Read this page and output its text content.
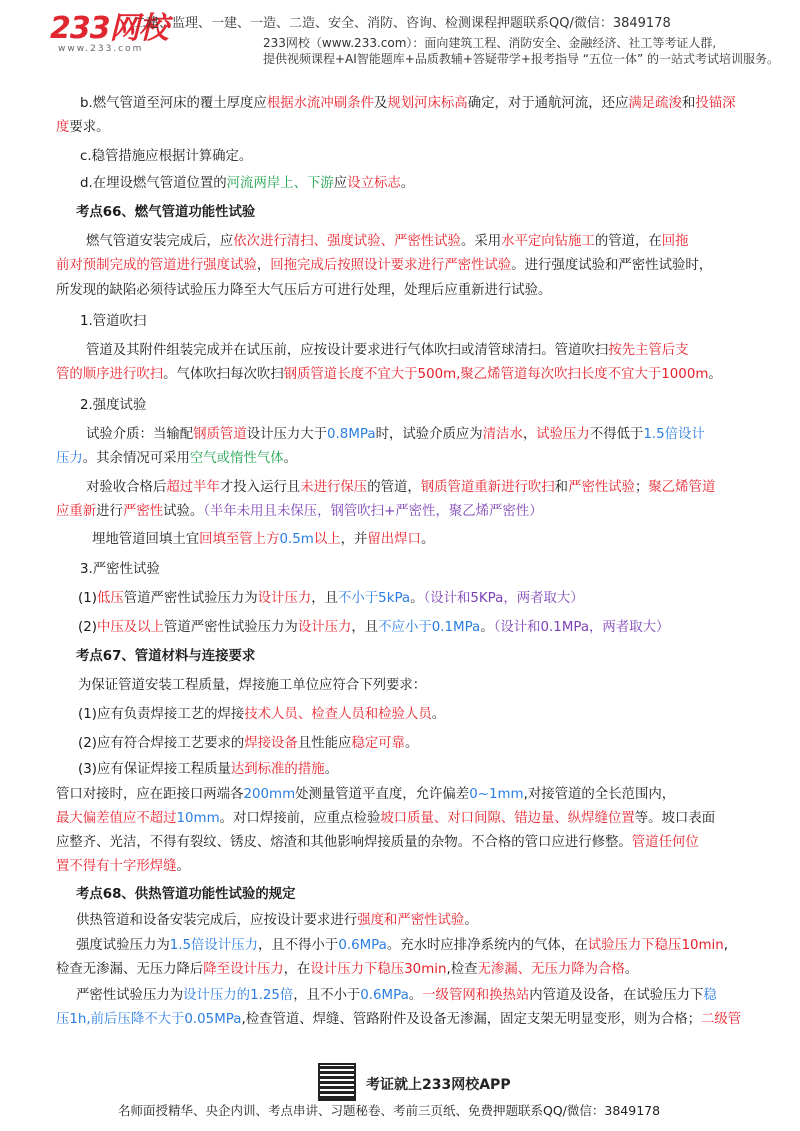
233网校
www.233.com
二建、监理、一建、一造、二造、安全、消防、咨询、检测课程押题联系QQ/微信：3849178
233网校（www.233.com）：面向建筑工程、消防安全、金融经济、社工等考证人群,
提供视频课程+AI智能题库+品质教辅+答疑带学+报考指导 “五位一体” 的一站式考试培训服务。
b.燃气管道至河床的覆土厚度应根据水流冲刷条件及规划河床标高确定，对于通航河流，还应满足疏浚和投锚深
度要求。
c.稳管措施应根据计算确定。
d.在埋设燃气管道位置的河流两岸上、下游应设立标志。
考点66、燃气管道功能性试验
燃气管道安装完成后，应依次进行清扫、强度试验、严密性试验。采用水平定向钻施工的管道，在回拖
前对预制完成的管道进行强度试验，回拖完成后按照设计要求进行严密性试验。进行强度试验和严密性试验时，
所发现的缺陷必须待试验压力降至大气压后方可进行处理，处理后应重新进行试验。
1.管道吹扫
管道及其附件组装完成并在试压前，应按设计要求进行气体吹扫或清管球清扫。管道吹扫按先主管后支
管的顺序进行吹扫。气体吹扫每次吹扫钢质管道长度不宜大于500m,聚乙烯管道每次吹扫长度不宜大于1000m。
2.强度试验
试验介质：当输配钢质管道设计压力大于0.8MPa时，试验介质应为清洁水，试验压力不得低于1.5倍设计
压力。其余情况可采用空气或惰性气体。
对验收合格后超过半年才投入运行且未进行保压的管道，钢质管道重新进行吹扫和严密性试验；聚乙烯管道
应重新进行严密性试验。（半年未用且未保压，钢管吹扫+严密性，聚乙烯严密性）
埋地管道回填土宜回填至管上方0.5m以上，并留出焊口。
3.严密性试验
(1)低压管道严密性试验压力为设计压力，且不小于5kPa。（设计和5KPa，两者取大）
(2)中压及以上管道严密性试验压力为设计压力，且不应小于0.1MPa。（设计和0.1MPa，两者取大）
考点67、管道材料与连接要求
为保证管道安装工程质量，焊接施工单位应符合下列要求：
(1)应有负责焊接工艺的焊接技术人员、检查人员和检验人员。
(2)应有符合焊接工艺要求的焊接设备且性能应稳定可靠。
(3)应有保证焊接工程质量达到标准的措施。
管口对接时，应在距接口两端各200mm处测量管道平直度，允许偏差0~1mm,对接管道的全长范围内，
最大偏差值应不超过10mm。对口焊接前，应重点检验坡口质量、对口间隙、错边量、纵焊缝位置等。坡口表面
应整齐、光洁，不得有裂纹、锈皮、熔渣和其他影响焊接质量的杂物。不合格的管口应进行修整。管道任何位
置不得有十字形焊缝。
考点68、供热管道功能性试验的规定
供热管道和设备安装完成后，应按设计要求进行强度和严密性试验。
强度试验压力为1.5倍设计压力，且不得小于0.6MPa。充水时应排净系统内的气体，在试验压力下稳压10min,
检查无渗漏、无压力降后降至设计压力，在设计压力下稳压30min,检查无渗漏、无压力降为合格。
严密性试验压力为设计压力的1.25倍，且不小于0.6MPa。一级管网和换热站内管道及设备，在试验压力下稳
压1h,前后压降不大于0.05MPa,检查管道、焊缝、管路附件及设备无渗漏，固定支架无明显变形，则为合格；二级管
考证就上233网校APP
名师面授精华、央企内训、考点串讲、习题秘卷、考前三页纸、免费押题联系QQ/微信：3849178
